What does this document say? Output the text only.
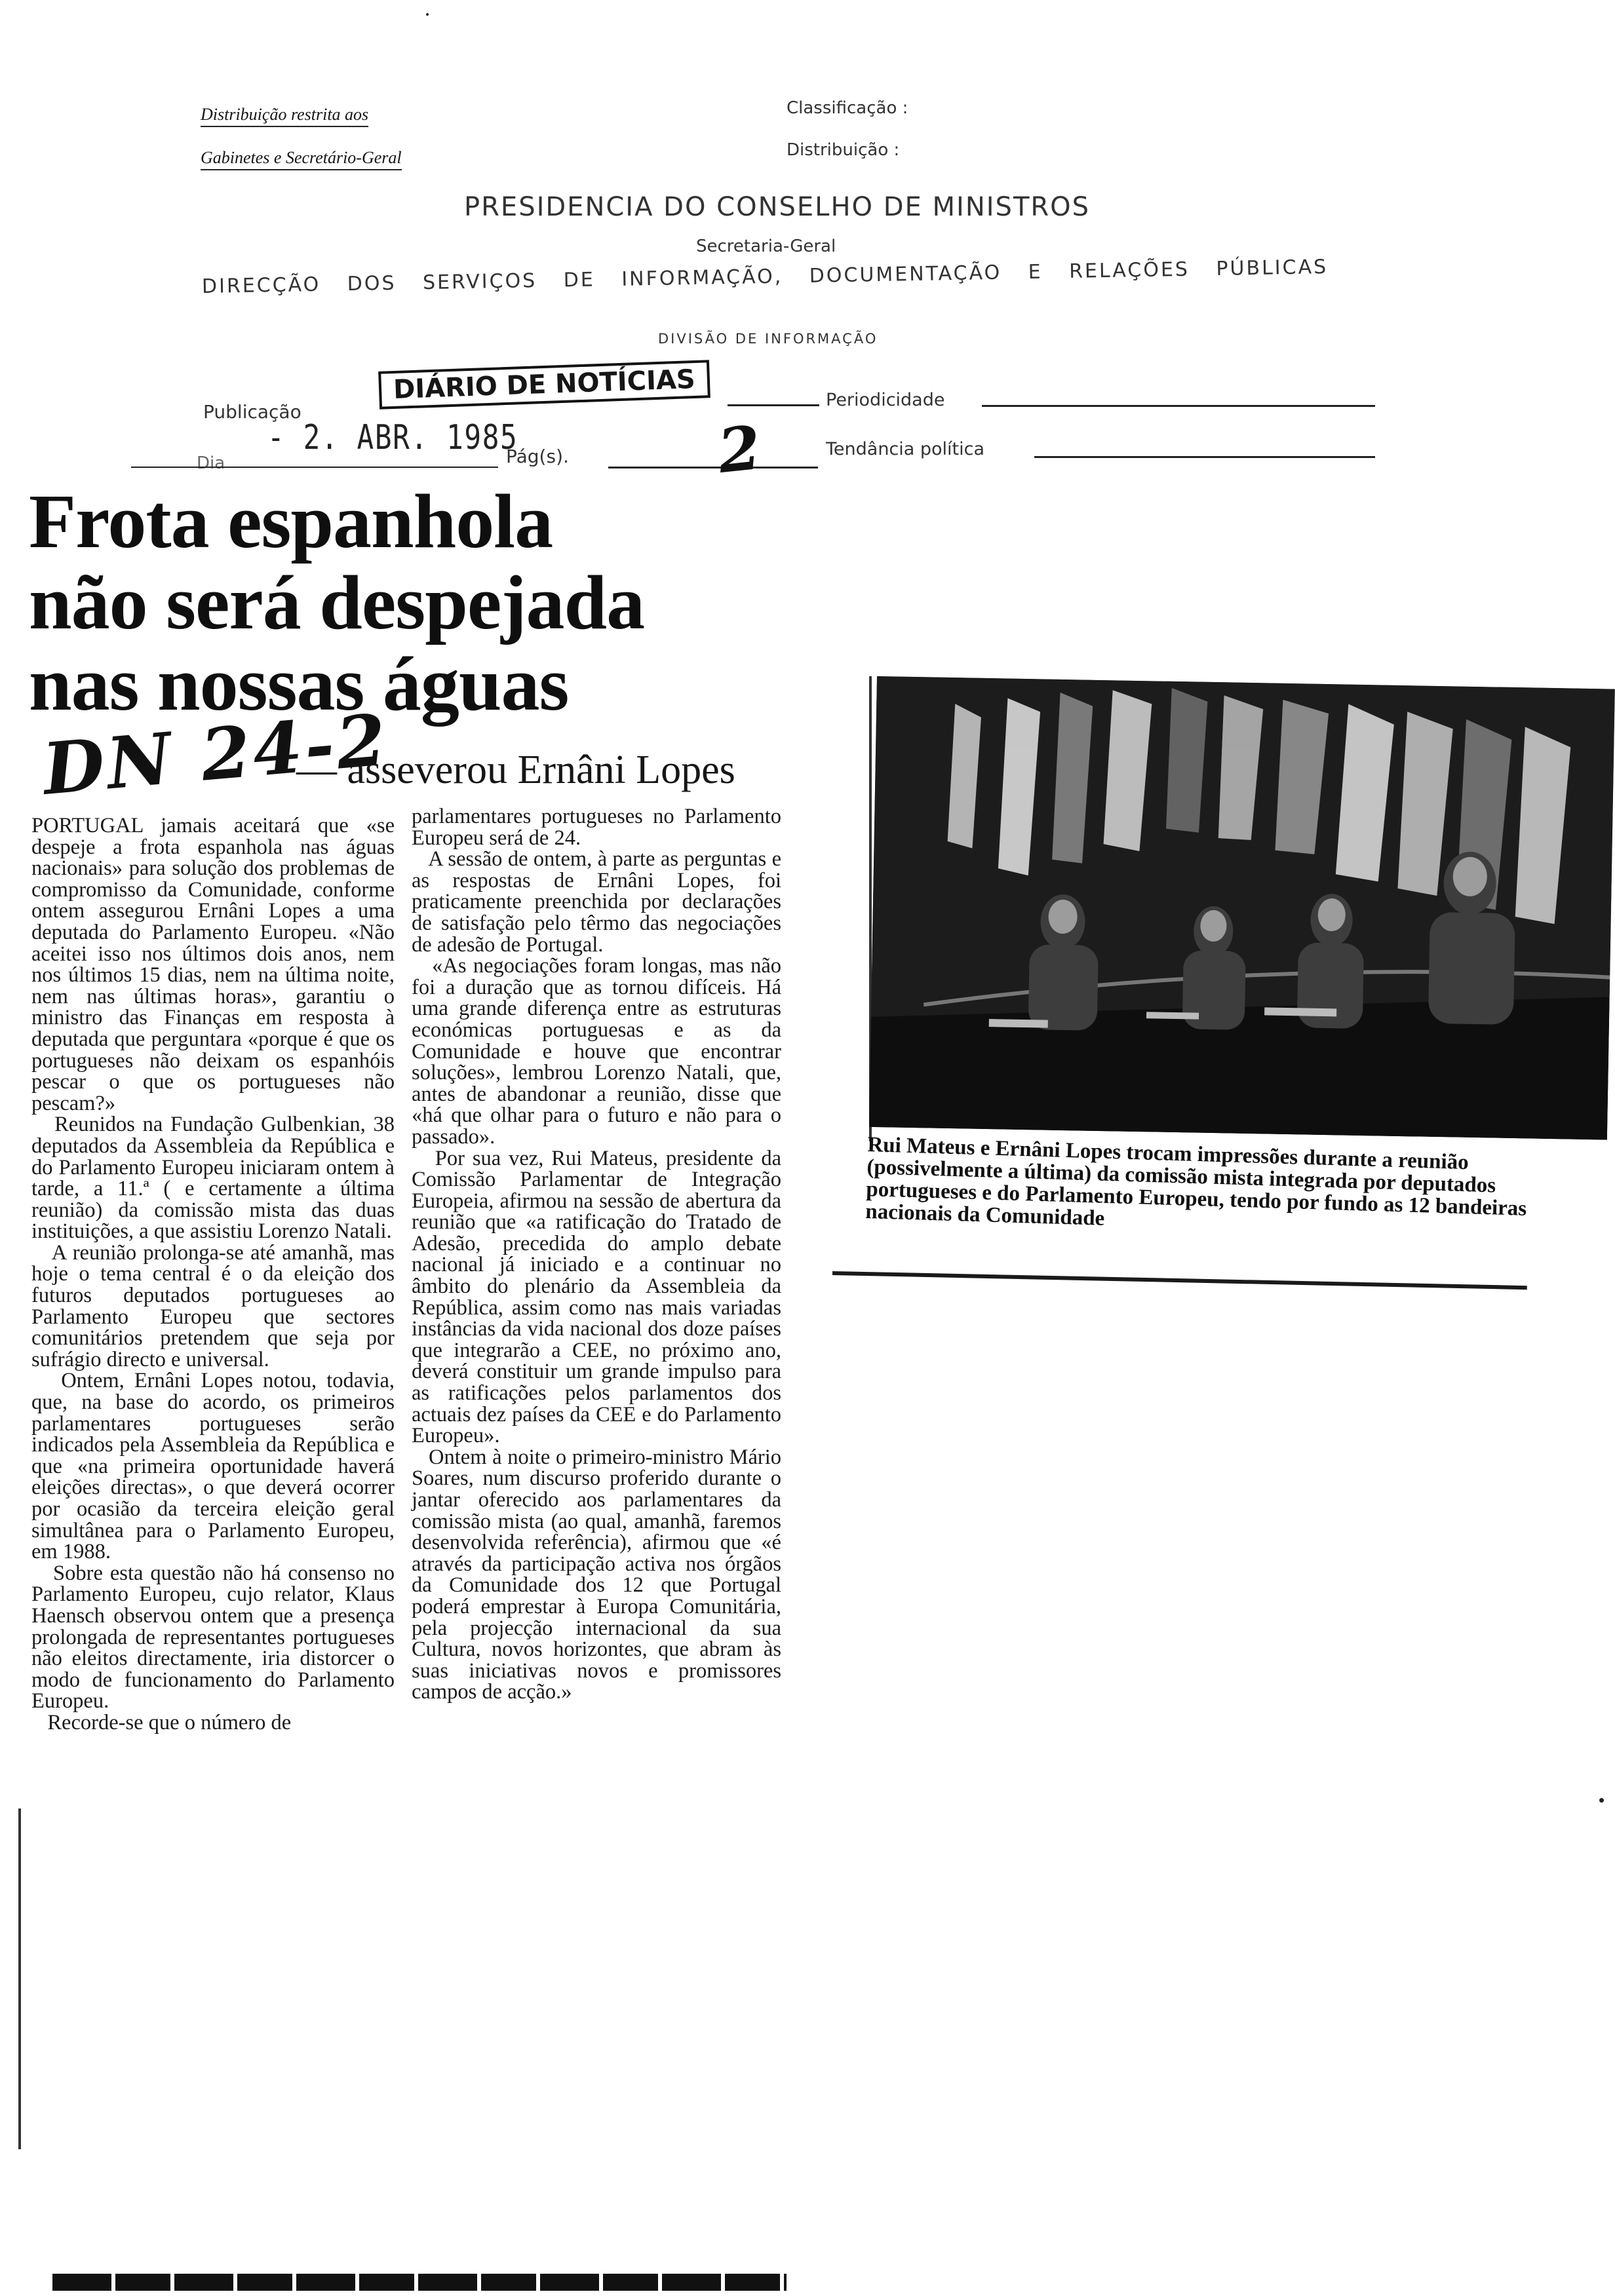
Distribuição restrita aos
Gabinetes e Secretário-Geral
Classificação :
Distribuição :
PRESIDENCIA DO CONSELHO DE MINISTROS
Secretaria-Geral
DIRECÇÃO DOS SERVIÇOS DE INFORMAÇÃO, DOCUMENTAÇÃO E RELAÇÕES PÚBLICAS
DIVISÃO DE INFORMAÇÃO
Publicação
DIÁRIO DE NOTÍCIAS	Periodicidade
Dia
- 2. ABR. 1985
Pág(s). 2	Tendância política
Frota espanhola
não será despejada
nas nossas águas
DN 24-2
— asseverou Ernâni Lopes
PORTUGAL jamais aceitará que «se despeje a frota espanhola nas águas nacionais» para solução dos problemas de compromisso da Comunidade, conforme ontem assegurou Ernâni Lopes a uma deputada do Parlamento Europeu. «Não aceitei isso nos últimos dois anos, nem nos últimos 15 dias, nem na última noite, nem nas últimas horas», garantiu o ministro das Finanças em resposta à deputada que perguntara «porque é que os portugueses não deixam os espanhóis pescar o que os portugueses não pescam?»
Reunidos na Fundação Gulbenkian, 38 deputados da Assembleia da República e do Parlamento Europeu iniciaram ontem à tarde, a 11.ª ( e certamente a última reunião) da comissão mista das duas instituições, a que assistiu Lorenzo Natali.
A reunião prolonga-se até amanhã, mas hoje o tema central é o da eleição dos futuros deputados portugueses ao Parlamento Europeu que sectores comunitários pretendem que seja por sufrágio directo e universal.
Ontem, Ernâni Lopes notou, todavia, que, na base do acordo, os primeiros parlamentares portugueses serão indicados pela Assembleia da República e que «na primeira oportunidade haverá eleições directas», o que deverá ocorrer por ocasião da terceira eleição geral simultânea para o Parlamento Europeu, em 1988.
Sobre esta questão não há consenso no Parlamento Europeu, cujo relator, Klaus Haensch observou ontem que a presença prolongada de representantes portugueses não eleitos directamente, iria distorcer o modo de funcionamento do Parlamento Europeu.
Recorde-se que o número de
parlamentares portugueses no Parlamento Europeu será de 24.
A sessão de ontem, à parte as perguntas e as respostas de Ernâni Lopes, foi praticamente preenchida por declarações de satisfação pelo têrmo das negociações de adesão de Portugal.
«As negociações foram longas, mas não foi a duração que as tornou difíceis. Há uma grande diferença entre as estruturas económicas portuguesas e as da Comunidade e houve que encontrar soluções», lembrou Lorenzo Natali, que, antes de abandonar a reunião, disse que «há que olhar para o futuro e não para o passado».
Por sua vez, Rui Mateus, presidente da Comissão Parlamentar de Integração Europeia, afirmou na sessão de abertura da reunião que «a ratificação do Tratado de Adesão, precedida do amplo debate nacional já iniciado e a continuar no âmbito do plenário da Assembleia da República, assim como nas mais variadas instâncias da vida nacional dos doze países que integrarão a CEE, no próximo ano, deverá constituir um grande impulso para as ratificações pelos parlamentos dos actuais dez países da CEE e do Parlamento Europeu».
Ontem à noite o primeiro-ministro Mário Soares, num discurso proferido durante o jantar oferecido aos parlamentares da comissão mista (ao qual, amanhã, faremos desenvolvida referência), afirmou que «é através da participação activa nos órgãos da Comunidade dos 12 que Portugal poderá emprestar à Europa Comunitária, pela projecção internacional da sua Cultura, novos horizontes, que abram às suas iniciativas novos e promissores campos de acção.»
Rui Mateus e Ernâni Lopes trocam impressões durante a reunião (possivelmente a última) da comissão mista integrada por deputados portugueses e do Parlamento Europeu, tendo por fundo as 12 bandeiras nacionais da Comunidade
